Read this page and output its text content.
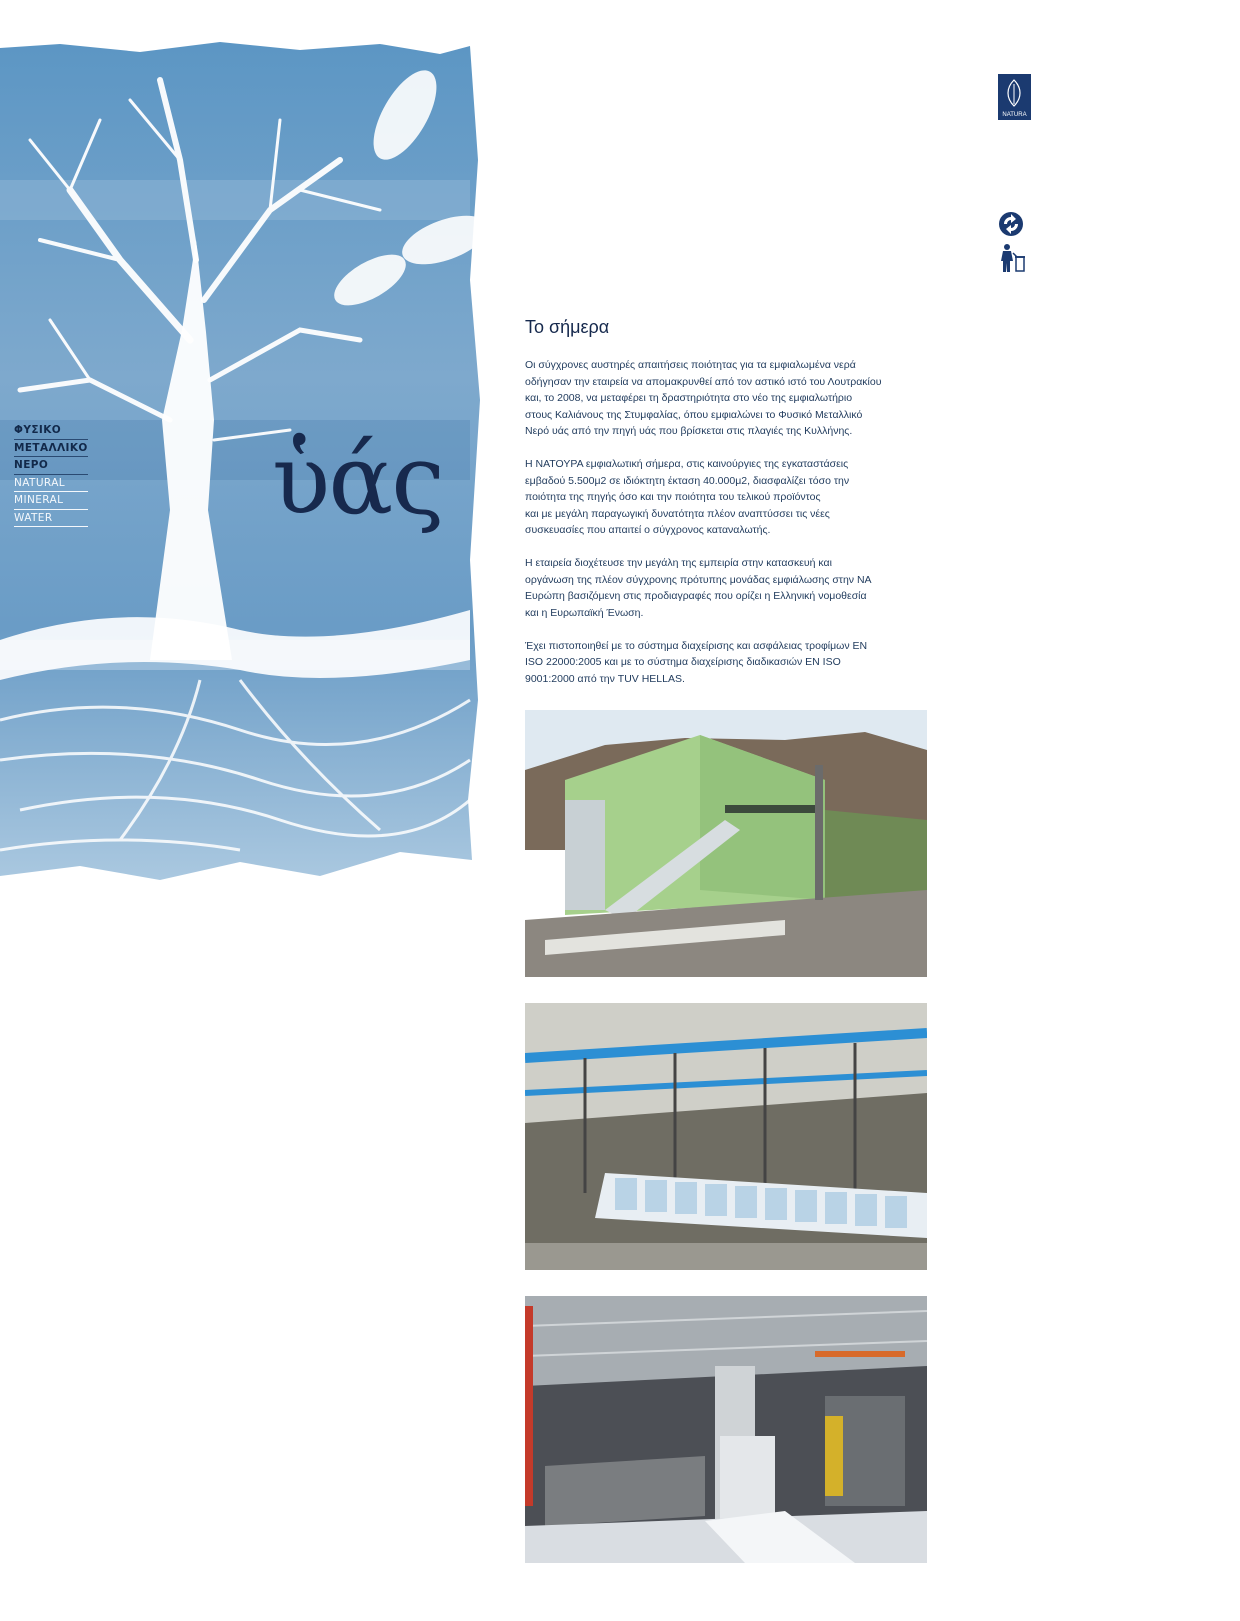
ΦΥΣΙΚΟ
ΜΕΤΑΛΛΙΚΟ
ΝΕΡΟ
NATURAL
MINERAL
WATER	ὑάς
NATURA
Το σήμερα

Οι σύγχρονες αυστηρές απαιτήσεις ποιότητας για τα εμφιαλωμένα νερά
οδήγησαν την εταιρεία να απομακρυνθεί από τον αστικό ιστό του Λουτρακίου
και, το 2008, να μεταφέρει τη δραστηριότητα στο νέο της εμφιαλωτήριο
στους Καλιάνους της Στυμφαλίας, όπου εμφιαλώνει το Φυσικό Μεταλλικό
Νερό υάς από την πηγή υάς που βρίσκεται στις πλαγιές της Κυλλήνης.

Η ΝΑΤΟΥΡΑ εμφιαλωτική σήμερα, στις καινούργιες της εγκαταστάσεις
εμβαδού 5.500μ2 σε ιδιόκτητη έκταση 40.000μ2, διασφαλίζει τόσο την
ποιότητα της πηγής όσο και την ποιότητα του τελικού προϊόντος
και με μεγάλη παραγωγική δυνατότητα πλέον αναπτύσσει τις νέες
συσκευασίες που απαιτεί ο σύγχρονος καταναλωτής.

Η εταιρεία διοχέτευσε την μεγάλη της εμπειρία στην κατασκευή και
οργάνωση της πλέον σύγχρονης πρότυπης μονάδας εμφιάλωσης στην ΝΑ
Ευρώπη βασιζόμενη στις προδιαγραφές που ορίζει η Ελληνική νομοθεσία
και η Ευρωπαϊκή Ένωση.

Έχει πιστοποιηθεί με το σύστημα διαχείρισης και ασφάλειας τροφίμων EN
ISO 22000:2005 και με το σύστημα διαχείρισης διαδικασιών EN ISO
9001:2000 από την TUV HELLAS.
